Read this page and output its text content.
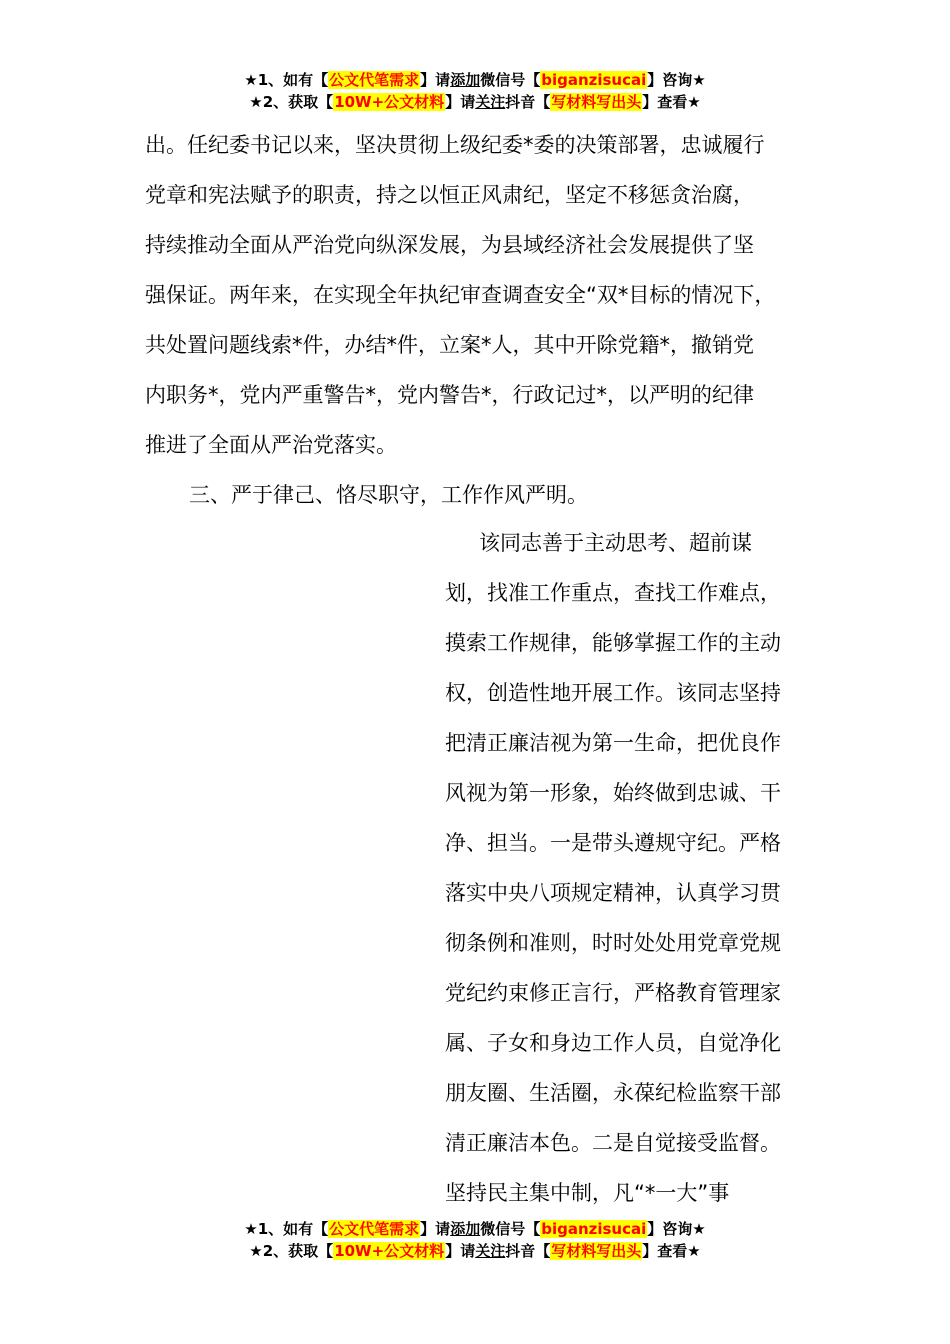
★1、如有【公文代笔需求】请添加微信号【biganzisucai】咨询★
★2、获取【10W+公文材料】请关注抖音【写材料写出头】查看★
出。任纪委书记以来，坚决贯彻上级纪委*委的决策部署，忠诚履行
党章和宪法赋予的职责，持之以恒正风肃纪，坚定不移惩贪治腐，
持续推动全面从严治党向纵深发展，为县域经济社会发展提供了坚
强保证。两年来，在实现全年执纪审查调查安全“双*目标的情况下，
共处置问题线索*件，办结*件，立案*人，其中开除党籍*，撤销党
内职务*，党内严重警告*，党内警告*，行政记过*，以严明的纪律
推进了全面从严治党落实。
三、严于律己、恪尽职守，工作作风严明。
该同志善于主动思考、超前谋
划，找准工作重点，查找工作难点，
摸索工作规律，能够掌握工作的主动
权，创造性地开展工作。该同志坚持
把清正廉洁视为第一生命，把优良作
风视为第一形象，始终做到忠诚、干
净、担当。一是带头遵规守纪。严格
落实中央八项规定精神，认真学习贯
彻条例和准则，时时处处用党章党规
党纪约束修正言行，严格教育管理家
属、子女和身边工作人员，自觉净化
朋友圈、生活圈，永葆纪检监察干部
清正廉洁本色。二是自觉接受监督。
坚持民主集中制，凡“*一大”事
★1、如有【公文代笔需求】请添加微信号【biganzisucai】咨询★
★2、获取【10W+公文材料】请关注抖音【写材料写出头】查看★
